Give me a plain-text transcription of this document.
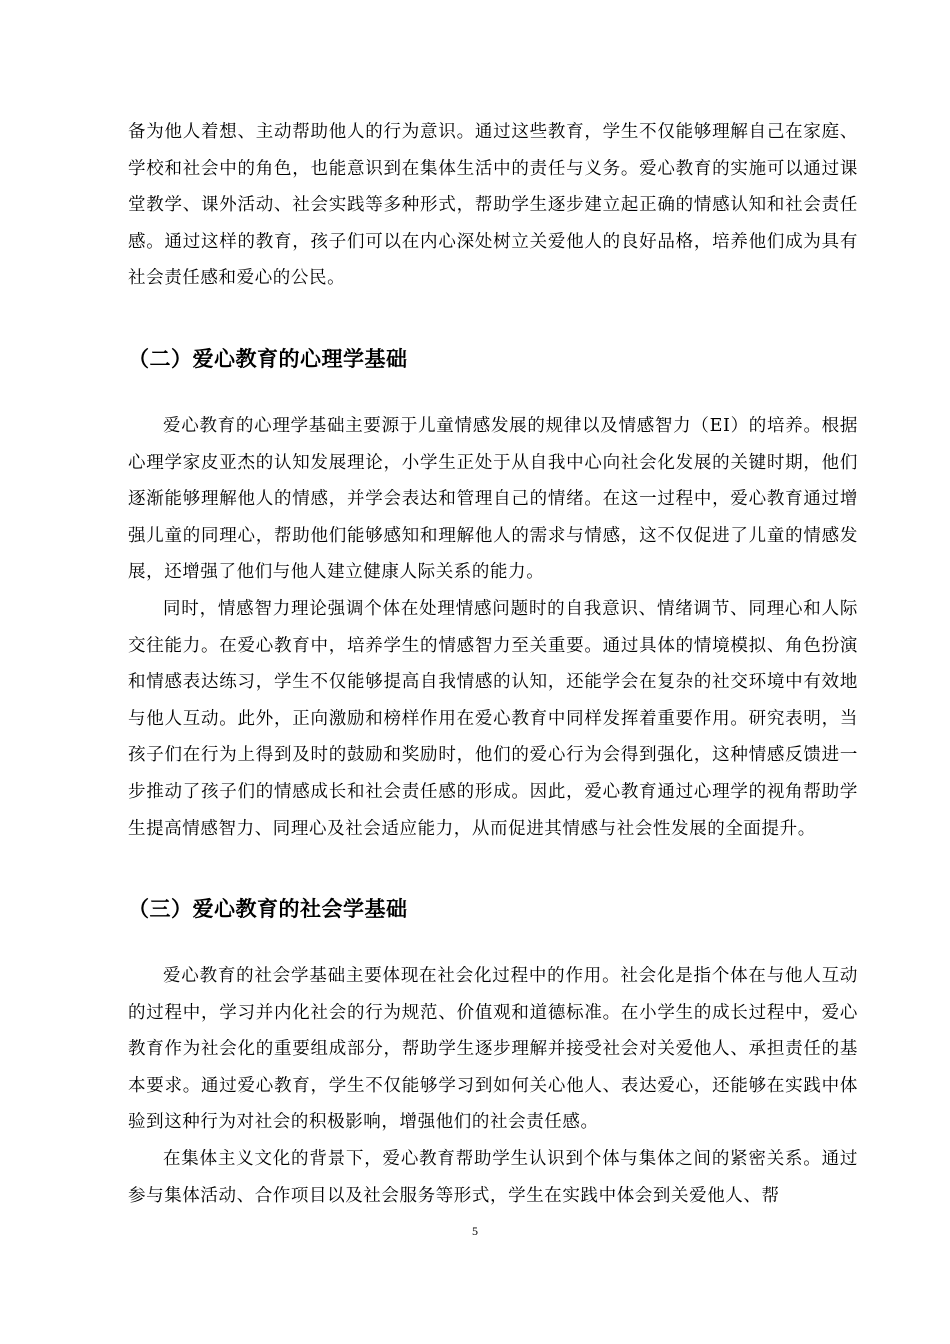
备为他人着想、主动帮助他人的行为意识。通过这些教育，学生不仅能够理解自己在家庭、学校和社会中的角色，也能意识到在集体生活中的责任与义务。爱心教育的实施可以通过课堂教学、课外活动、社会实践等多种形式，帮助学生逐步建立起正确的情感认知和社会责任感。通过这样的教育，孩子们可以在内心深处树立关爱他人的良好品格，培养他们成为具有社会责任感和爱心的公民。

（二）爱心教育的心理学基础

爱心教育的心理学基础主要源于儿童情感发展的规律以及情感智力（EI）的培养。根据心理学家皮亚杰的认知发展理论，小学生正处于从自我中心向社会化发展的关键时期，他们逐渐能够理解他人的情感，并学会表达和管理自己的情绪。在这一过程中，爱心教育通过增强儿童的同理心，帮助他们能够感知和理解他人的需求与情感，这不仅促进了儿童的情感发展，还增强了他们与他人建立健康人际关系的能力。

同时，情感智力理论强调个体在处理情感问题时的自我意识、情绪调节、同理心和人际交往能力。在爱心教育中，培养学生的情感智力至关重要。通过具体的情境模拟、角色扮演和情感表达练习，学生不仅能够提高自我情感的认知，还能学会在复杂的社交环境中有效地与他人互动。此外，正向激励和榜样作用在爱心教育中同样发挥着重要作用。研究表明，当孩子们在行为上得到及时的鼓励和奖励时，他们的爱心行为会得到强化，这种情感反馈进一步推动了孩子们的情感成长和社会责任感的形成。因此，爱心教育通过心理学的视角帮助学生提高情感智力、同理心及社会适应能力，从而促进其情感与社会性发展的全面提升。

（三）爱心教育的社会学基础

爱心教育的社会学基础主要体现在社会化过程中的作用。社会化是指个体在与他人互动的过程中，学习并内化社会的行为规范、价值观和道德标准。在小学生的成长过程中，爱心教育作为社会化的重要组成部分，帮助学生逐步理解并接受社会对关爱他人、承担责任的基本要求。通过爱心教育，学生不仅能够学习到如何关心他人、表达爱心，还能够在实践中体验到这种行为对社会的积极影响，增强他们的社会责任感。

在集体主义文化的背景下，爱心教育帮助学生认识到个体与集体之间的紧密关系。通过参与集体活动、合作项目以及社会服务等形式，学生在实践中体会到关爱他人、帮

5
